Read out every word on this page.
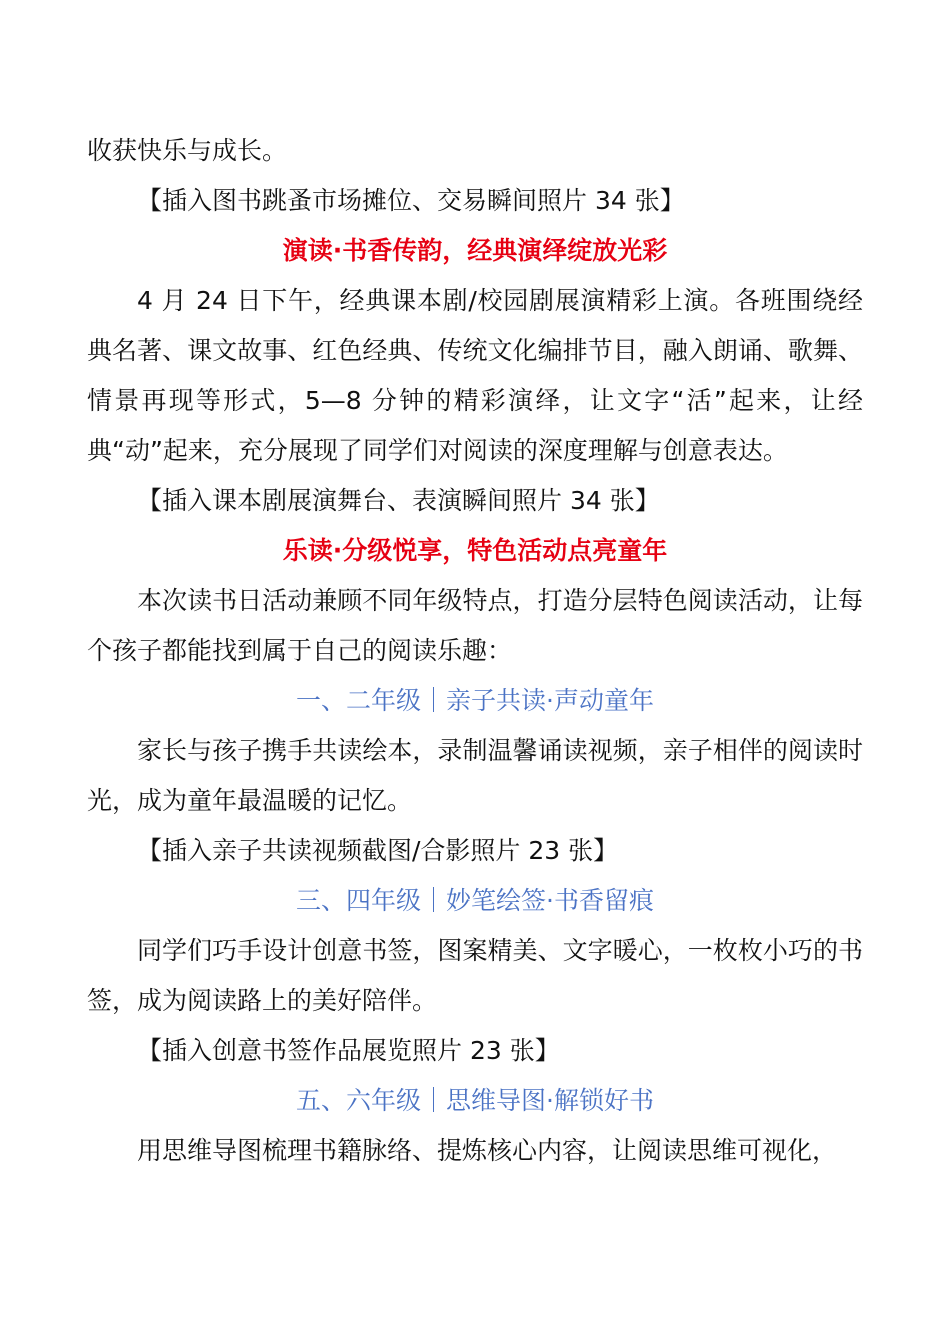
收获快乐与成长。
【插入图书跳蚤市场摊位、交易瞬间照片 34 张】
演读·书香传韵，经典演绎绽放光彩

4 月 24 日下午，经典课本剧/校园剧展演精彩上演。各班围绕经典名著、课文故事、红色经典、传统文化编排节目，融入朗诵、歌舞、情景再现等形式，5—8 分钟的精彩演绎，让文字“活”起来，让经典“动”起来，充分展现了同学们对阅读的深度理解与创意表达。

【插入课本剧展演舞台、表演瞬间照片 34 张】
乐读·分级悦享，特色活动点亮童年

本次读书日活动兼顾不同年级特点，打造分层特色阅读活动，让每个孩子都能找到属于自己的阅读乐趣：

一、二年级｜亲子共读·声动童年

家长与孩子携手共读绘本，录制温馨诵读视频，亲子相伴的阅读时光，成为童年最温暖的记忆。

【插入亲子共读视频截图/合影照片 23 张】
三、四年级｜妙笔绘签·书香留痕

同学们巧手设计创意书签，图案精美、文字暖心，一枚枚小巧的书签，成为阅读路上的美好陪伴。

【插入创意书签作品展览照片 23 张】
五、六年级｜思维导图·解锁好书
用思维导图梳理书籍脉络、提炼核心内容，让阅读思维可视化，
